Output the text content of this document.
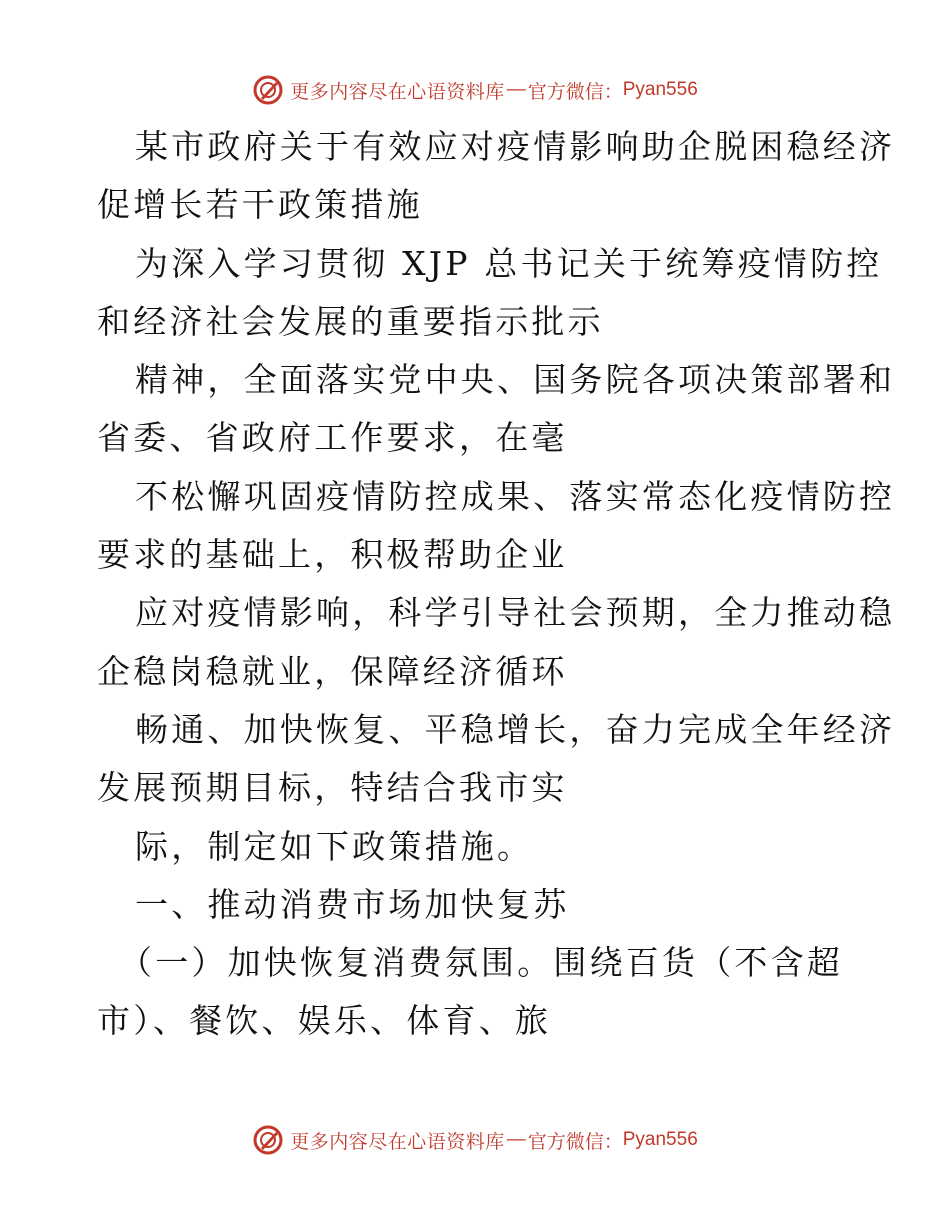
更多内容尽在心语资料库 — 官方微信： Pyan556
某市政府关于有效应对疫情影响助企脱困稳经济
促增长若干政策措施
为深入学习贯彻 XJP 总书记关于统筹疫情防控
和经济社会发展的重要指示批示
精神，全面落实党中央、国务院各项决策部署和
省委、省政府工作要求，在毫
不松懈巩固疫情防控成果、落实常态化疫情防控
要求的基础上，积极帮助企业
应对疫情影响，科学引导社会预期，全力推动稳
企稳岗稳就业，保障经济循环
畅通、加快恢复、平稳增长，奋力完成全年经济
发展预期目标，特结合我市实
际，制定如下政策措施。
一、推动消费市场加快复苏
（一）加快恢复消费氛围。围绕百货（不含超
市）、餐饮、娱乐、体育、旅
更多内容尽在心语资料库 — 官方微信： Pyan556
